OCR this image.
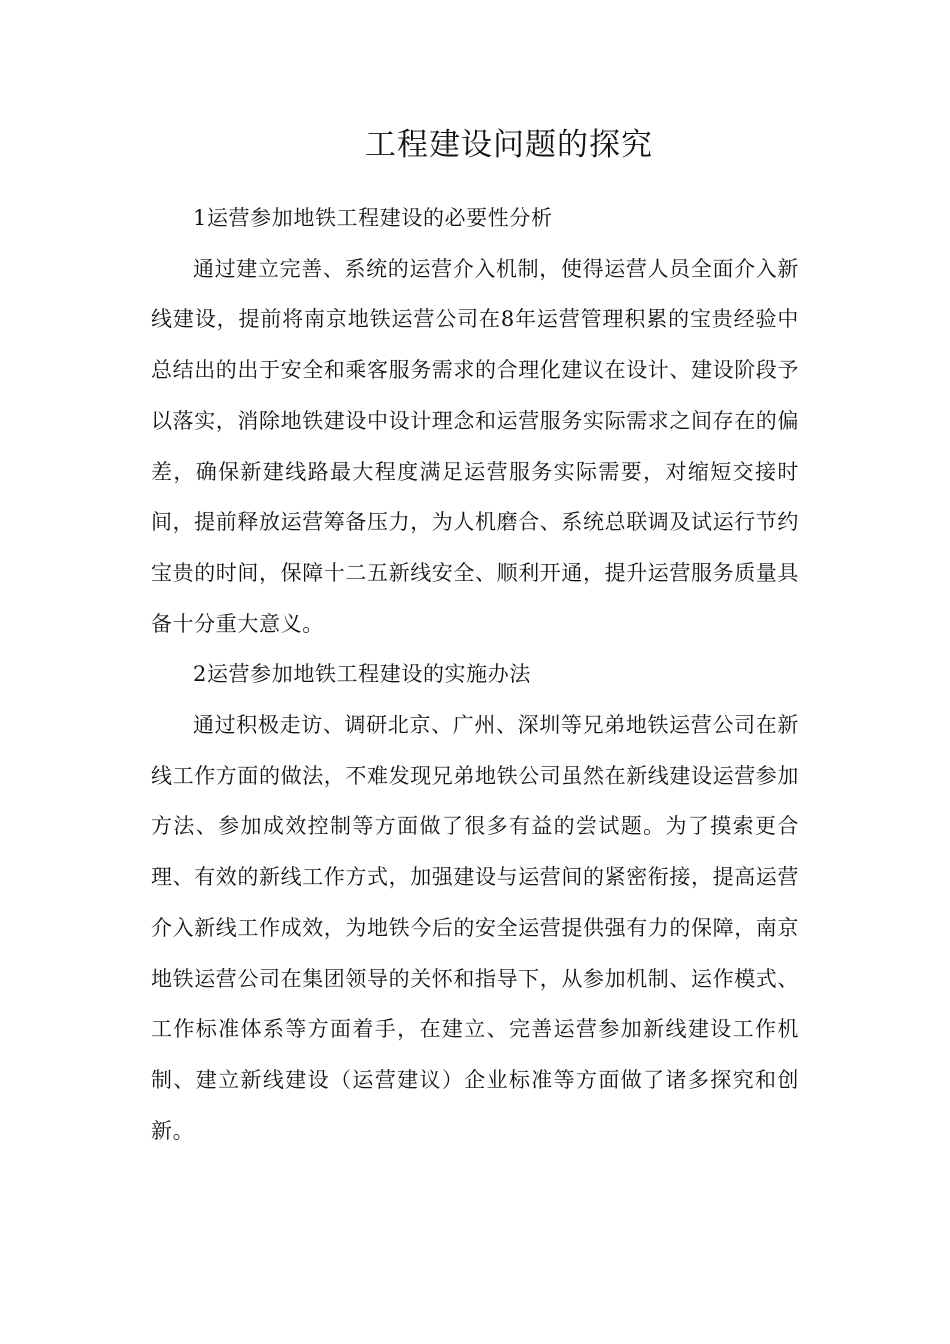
工程建设问题的探究

1运营参加地铁工程建设的必要性分析

通过建立完善、系统的运营介入机制，使得运营人员全面介入新线建设，提前将南京地铁运营公司在8年运营管理积累的宝贵经验中总结出的出于安全和乘客服务需求的合理化建议在设计、建设阶段予以落实，消除地铁建设中设计理念和运营服务实际需求之间存在的偏差，确保新建线路最大程度满足运营服务实际需要，对缩短交接时间，提前释放运营筹备压力，为人机磨合、系统总联调及试运行节约宝贵的时间，保障十二五新线安全、顺利开通，提升运营服务质量具备十分重大意义。

2运营参加地铁工程建设的实施办法

通过积极走访、调研北京、广州、深圳等兄弟地铁运营公司在新线工作方面的做法，不难发现兄弟地铁公司虽然在新线建设运营参加方法、参加成效控制等方面做了很多有益的尝试题。为了摸索更合理、有效的新线工作方式，加强建设与运营间的紧密衔接，提高运营介入新线工作成效，为地铁今后的安全运营提供强有力的保障，南京地铁运营公司在集团领导的关怀和指导下，从参加机制、运作模式、工作标准体系等方面着手，在建立、完善运营参加新线建设工作机制、建立新线建设（运营建议）企业标准等方面做了诸多探究和创新。
